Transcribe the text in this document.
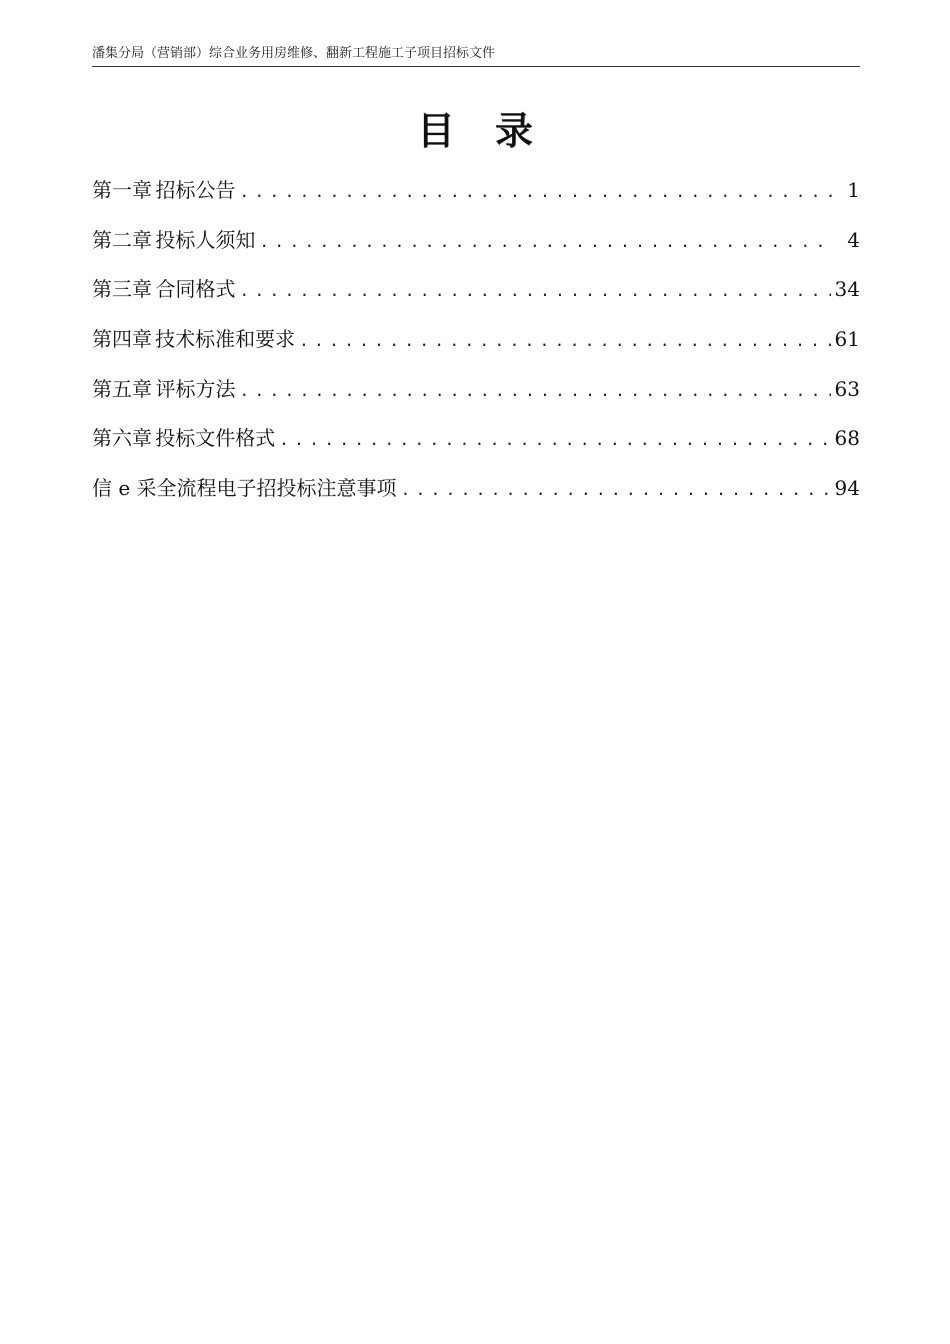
潘集分局（营销部）综合业务用房维修、翻新工程施工子项目招标文件
目 录
第一章 招标公告 .....	1
第二章 投标人须知 .....	4
第三章 合同格式 .....	34
第四章 技术标准和要求 .....	61
第五章 评标方法 .....	63
第六章 投标文件格式 .....	68
信 e 采全流程电子招投标注意事项 .....	94
